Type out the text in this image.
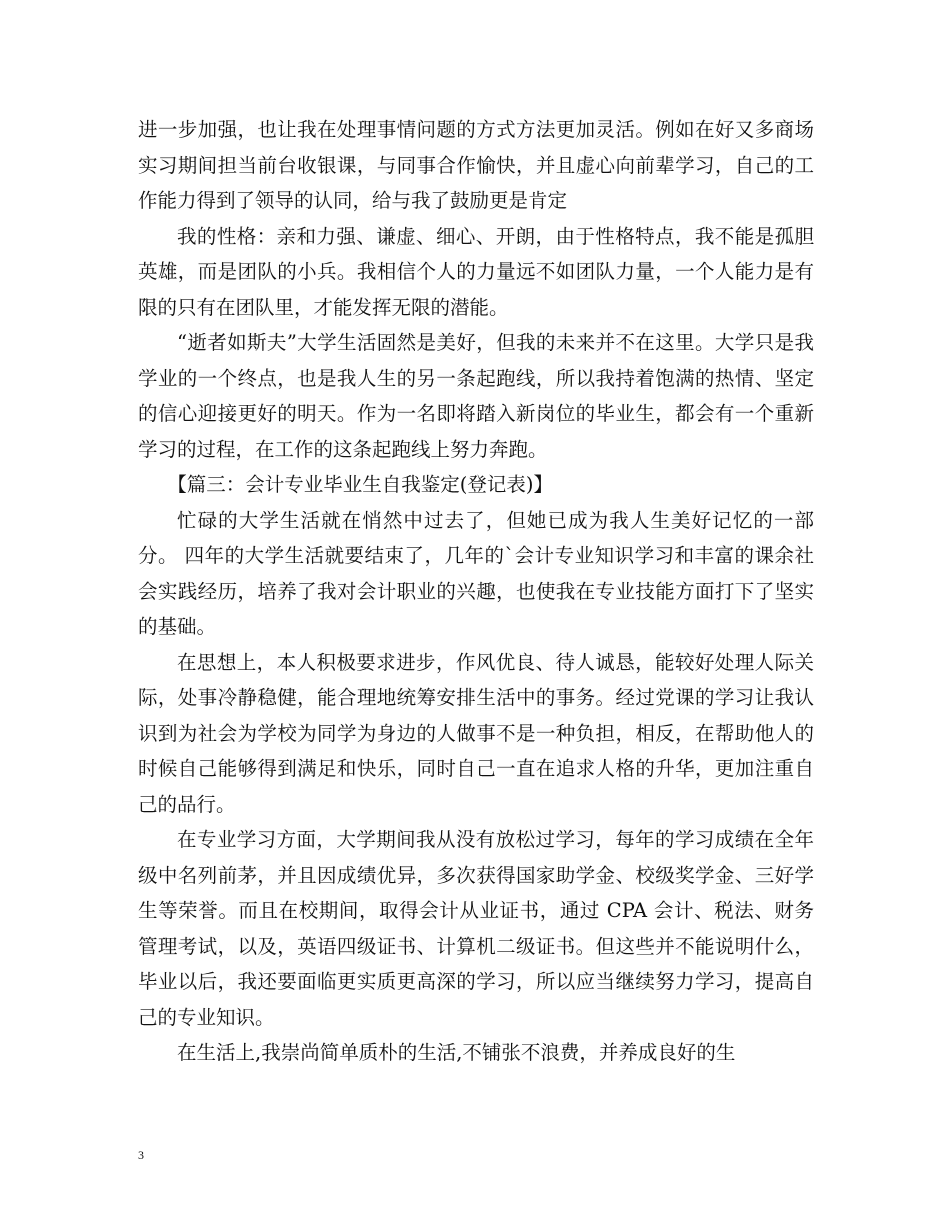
进一步加强，也让我在处理事情问题的方式方法更加灵活。例如在好又多商场实习期间担当前台收银课，与同事合作愉快，并且虚心向前辈学习，自己的工作能力得到了领导的认同，给与我了鼓励更是肯定

我的性格：亲和力强、谦虚、细心、开朗，由于性格特点，我不能是孤胆英雄，而是团队的小兵。我相信个人的力量远不如团队力量，一个人能力是有限的只有在团队里，才能发挥无限的潜能。

“逝者如斯夫”大学生活固然是美好，但我的未来并不在这里。大学只是我学业的一个终点，也是我人生的另一条起跑线，所以我持着饱满的热情、坚定的信心迎接更好的明天。作为一名即将踏入新岗位的毕业生，都会有一个重新学习的过程，在工作的这条起跑线上努力奔跑。

【篇三：会计专业毕业生自我鉴定(登记表)】

忙碌的大学生活就在悄然中过去了，但她已成为我人生美好记忆的一部分。 四年的大学生活就要结束了，几年的`会计专业知识学习和丰富的课余社会实践经历，培养了我对会计职业的兴趣，也使我在专业技能方面打下了坚实的基础。

在思想上，本人积极要求进步，作风优良、待人诚恳，能较好处理人际关际，处事冷静稳健，能合理地统筹安排生活中的事务。经过党课的学习让我认识到为社会为学校为同学为身边的人做事不是一种负担，相反，在帮助他人的时候自己能够得到满足和快乐，同时自己一直在追求人格的升华，更加注重自己的品行。

在专业学习方面，大学期间我从没有放松过学习，每年的学习成绩在全年级中名列前茅，并且因成绩优异，多次获得国家助学金、校级奖学金、三好学生等荣誉。而且在校期间，取得会计从业证书，通过 CPA 会计、税法、财务管理考试，以及，英语四级证书、计算机二级证书。但这些并不能说明什么，毕业以后，我还要面临更实质更高深的学习，所以应当继续努力学习，提高自己的专业知识。

在生活上,我崇尚简单质朴的生活,不铺张不浪费，并养成良好的生

3
